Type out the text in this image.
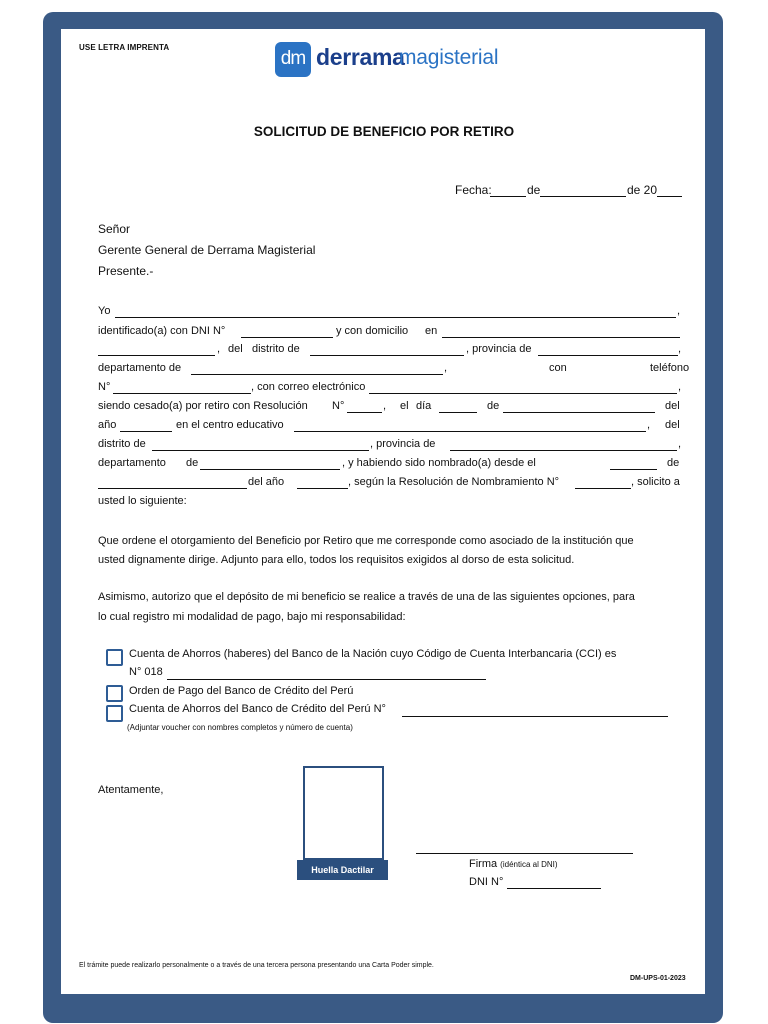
USE LETRA IMPRENTA
dm derrama
magisterial
SOLICITUD DE BENEFICIO POR RETIRO
Fecha:	de	de 20
Señor
Gerente General de Derrama Magisterial
Presente.-
Yo	,
identificado(a) con DNI N°	y con domicilio en
, del distrito de	, provincia de	,
departamento de	,	con	teléfono
N°	, con correo electrónico	,
siendo cesado(a) por retiro con Resolución N°	, el día	de	del
año	en el centro educativo	, del
distrito de	, provincia de	,
departamento de	, y habiendo sido nombrado(a) desde el	de
del año	, según la Resolución de Nombramiento N°	, solicito a
usted lo siguiente:
Que ordene el otorgamiento del Beneficio por Retiro que me corresponde como asociado de la institución que
usted dignamente dirige. Adjunto para ello, todos los requisitos exigidos al dorso de esta solicitud.
Asimismo, autorizo que el depósito de mi beneficio se realice a través de una de las siguientes opciones, para
lo cual registro mi modalidad de pago, bajo mi responsabilidad:
Cuenta de Ahorros (haberes) del Banco de la Nación cuyo Código de Cuenta Interbancaria (CCI) es
N° 018
Orden de Pago del Banco de Crédito del Perú
Cuenta de Ahorros del Banco de Crédito del Perú N°
(Adjuntar voucher con nombres completos y número de cuenta)
Atentamente,
Huella Dactilar	Firma (idéntica al DNI)
DNI N°
El trámite puede realizarlo personalmente o a través de una tercera persona presentando una Carta Poder simple.
DM-UPS-01-2023
